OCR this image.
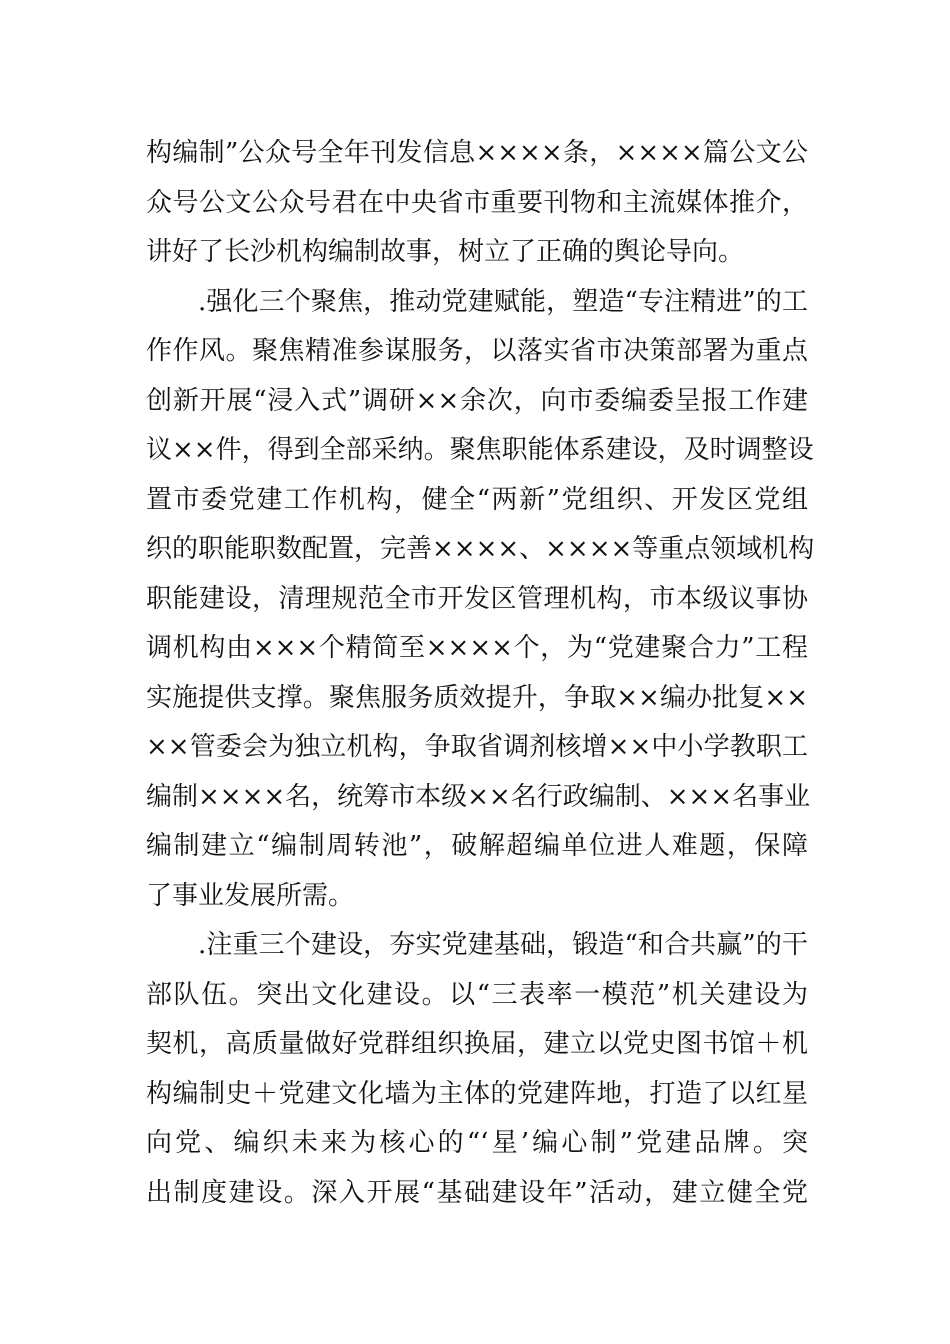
构编制”公众号全年刊发信息××××条，××××篇公文公
众号公文公众号君在中央省市重要刊物和主流媒体推介，
讲好了长沙机构编制故事，树立了正确的舆论导向。
.强化三个聚焦，推动党建赋能，塑造“专注精进”的工
作作风。聚焦精准参谋服务，以落实省市决策部署为重点
创新开展“浸入式”调研××余次，向市委编委呈报工作建
议××件，得到全部采纳。聚焦职能体系建设，及时调整设
置市委党建工作机构，健全“两新”党组织、开发区党组
织的职能职数配置，完善××××、××××等重点领域机构
职能建设，清理规范全市开发区管理机构，市本级议事协
调机构由×××个精简至××××个，为“党建聚合力”工程
实施提供支撑。聚焦服务质效提升，争取××编办批复××
××管委会为独立机构，争取省调剂核增××中小学教职工
编制××××名，统筹市本级××名行政编制、×××名事业
编制建立“编制周转池”，破解超编单位进人难题，保障
了事业发展所需。
.注重三个建设，夯实党建基础，锻造“和合共赢”的干
部队伍。突出文化建设。以“三表率一模范”机关建设为
契机，高质量做好党群组织换届，建立以党史图书馆＋机
构编制史＋党建文化墙为主体的党建阵地，打造了以红星
向党、编织未来为核心的“‘星’编心制”党建品牌。突
出制度建设。深入开展“基础建设年”活动，建立健全党
